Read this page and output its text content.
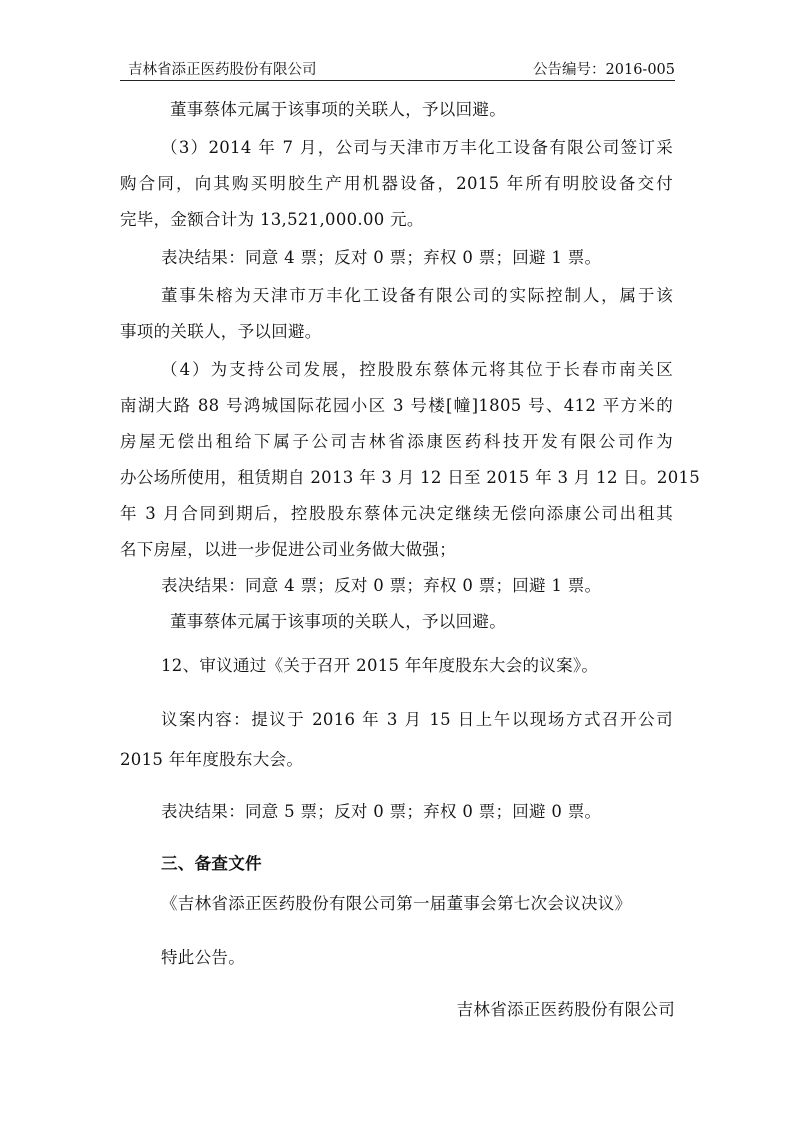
吉林省添正医药股份有限公司	公告编号：2016-005
董事蔡体元属于该事项的关联人，予以回避。
（3）2014 年 7 月，公司与天津市万丰化工设备有限公司签订采
购合同，向其购买明胶生产用机器设备，2015 年所有明胶设备交付
完毕，金额合计为 13,521,000.00 元。
表决结果：同意 4 票；反对 0 票；弃权 0 票；回避 1 票。
董事朱榕为天津市万丰化工设备有限公司的实际控制人，属于该
事项的关联人，予以回避。
（4）为支持公司发展，控股股东蔡体元将其位于长春市南关区
南湖大路 88 号鸿城国际花园小区 3 号楼[幢]1805 号、412 平方米的
房屋无偿出租给下属子公司吉林省添康医药科技开发有限公司作为
办公场所使用，租赁期自 2013 年 3 月 12 日至 2015 年 3 月 12 日。2015
年 3 月合同到期后，控股股东蔡体元决定继续无偿向添康公司出租其
名下房屋，以进一步促进公司业务做大做强；
表决结果：同意 4 票；反对 0 票；弃权 0 票；回避 1 票。
董事蔡体元属于该事项的关联人，予以回避。
12、审议通过《关于召开 2015 年年度股东大会的议案》。
议案内容：提议于 2016 年 3 月 15 日上午以现场方式召开公司
2015 年年度股东大会。
表决结果：同意 5 票；反对 0 票；弃权 0 票；回避 0 票。
三、备查文件
《吉林省添正医药股份有限公司第一届董事会第七次会议决议》
特此公告。
吉林省添正医药股份有限公司
